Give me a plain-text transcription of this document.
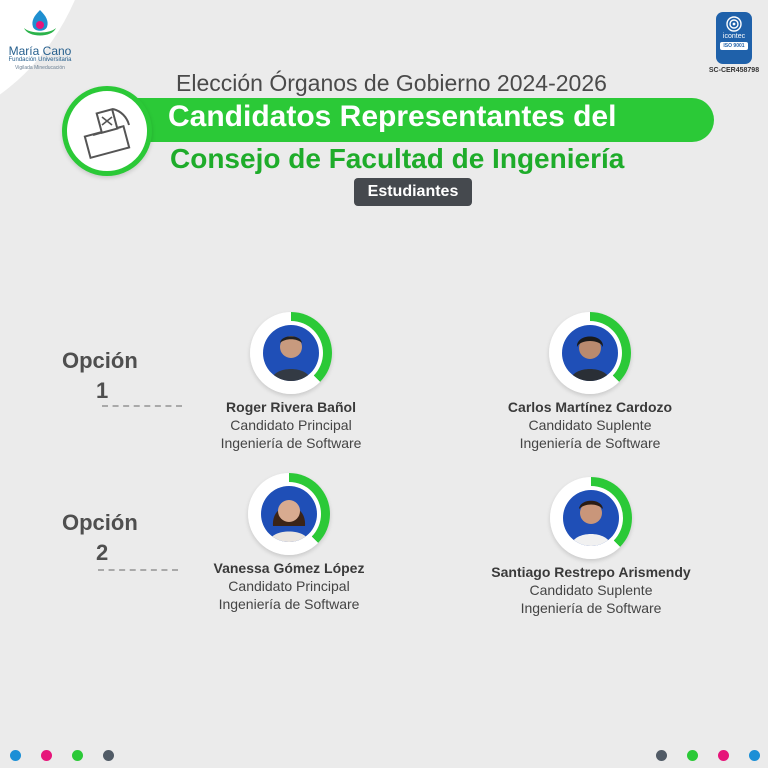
María Cano
Fundación Universitaria
Vigilada Mineducación
icontec
ISO 9001
SC-CER458798
Elección Órganos de Gobierno 2024-2026
Candidatos Representantes del
Consejo de Facultad de Ingeniería
Estudiantes
Opción
1
Roger Rivera Bañol
Candidato Principal
Ingeniería de Software
Carlos Martínez Cardozo
Candidato Suplente
Ingeniería de Software
Opción
2
Vanessa Gómez López
Candidato Principal
Ingeniería de Software
Santiago Restrepo Arismendy
Candidato Suplente
Ingeniería de Software
